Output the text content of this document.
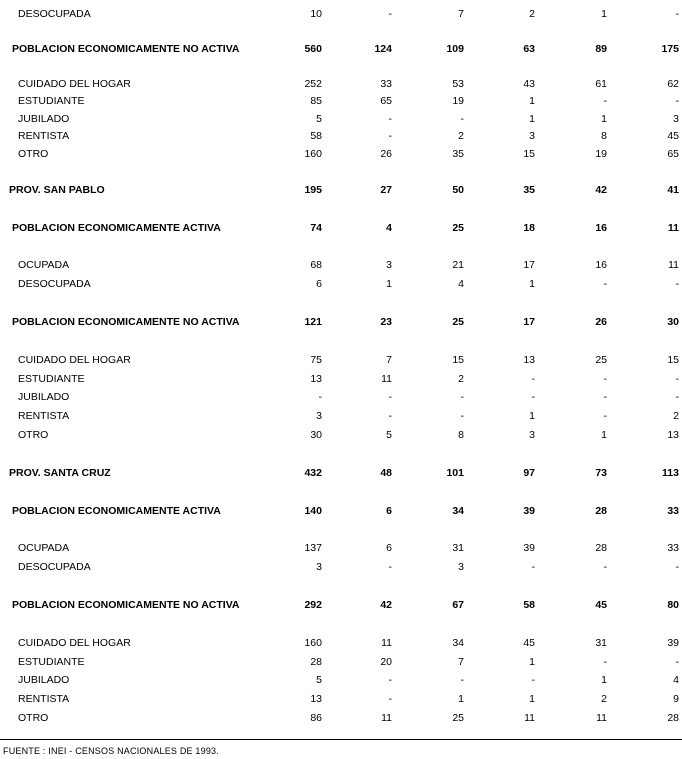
DESOCUPADA	10	-	7	2	1	-
POBLACION ECONOMICAMENTE NO ACTIVA	560	124	109	63	89	175
CUIDADO DEL HOGAR	252	33	53	43	61	62
ESTUDIANTE	85	65	19	1	-	-
JUBILADO	5	-	-	1	1	3
RENTISTA	58	-	2	3	8	45
OTRO	160	26	35	15	19	65
PROV. SAN PABLO	195	27	50	35	42	41
POBLACION ECONOMICAMENTE ACTIVA	74	4	25	18	16	11
OCUPADA	68	3	21	17	16	11
DESOCUPADA	6	1	4	1	-	-
POBLACION ECONOMICAMENTE NO ACTIVA	121	23	25	17	26	30
CUIDADO DEL HOGAR	75	7	15	13	25	15
ESTUDIANTE	13	11	2	-	-	-
JUBILADO	-	-	-	-	-	-
RENTISTA	3	-	-	1	-	2
OTRO	30	5	8	3	1	13
PROV. SANTA CRUZ	432	48	101	97	73	113
POBLACION ECONOMICAMENTE ACTIVA	140	6	34	39	28	33
OCUPADA	137	6	31	39	28	33
DESOCUPADA	3	-	3	-	-	-
POBLACION ECONOMICAMENTE NO ACTIVA	292	42	67	58	45	80
CUIDADO DEL HOGAR	160	11	34	45	31	39
ESTUDIANTE	28	20	7	1	-	-
JUBILADO	5	-	-	-	1	4
RENTISTA	13	-	1	1	2	9
OTRO	86	11	25	11	11	28
FUENTE : INEI - CENSOS NACIONALES DE 1993.
